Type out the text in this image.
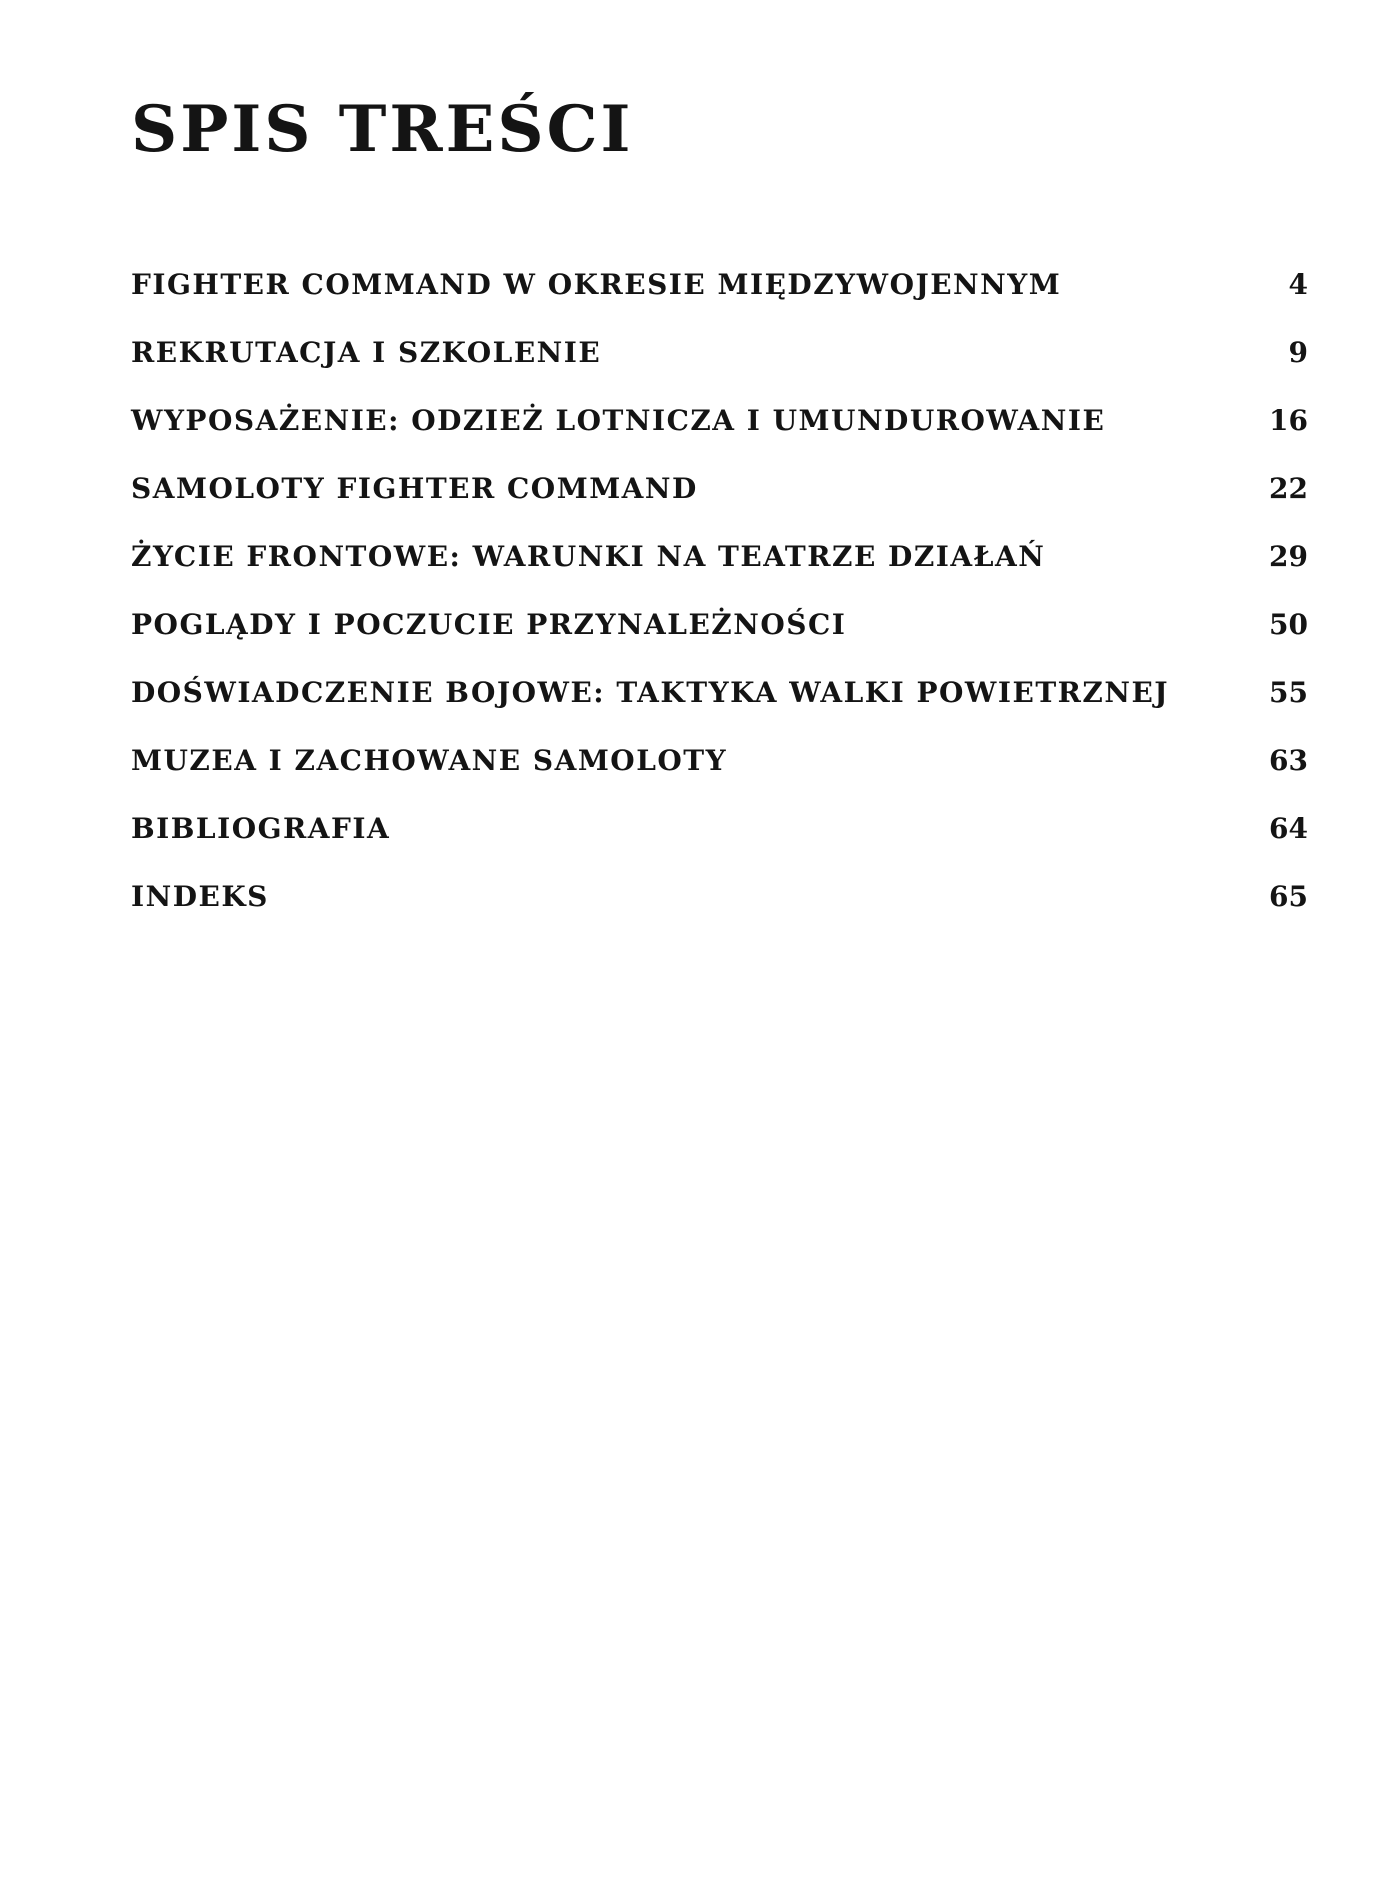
SPIS TREŚCI
FIGHTER COMMAND W OKRESIE MIĘDZYWOJENNYM	4
REKRUTACJA I SZKOLENIE	9
WYPOSAŻENIE: ODZIEŻ LOTNICZA I UMUNDUROWANIE	16
SAMOLOTY FIGHTER COMMAND	22
ŻYCIE FRONTOWE: WARUNKI NA TEATRZE DZIAŁAŃ	29
POGLĄDY I POCZUCIE PRZYNALEŻNOŚCI	50
DOŚWIADCZENIE BOJOWE: TAKTYKA WALKI POWIETRZNEJ	55
MUZEA I ZACHOWANE SAMOLOTY	63
BIBLIOGRAFIA	64
INDEKS	65
